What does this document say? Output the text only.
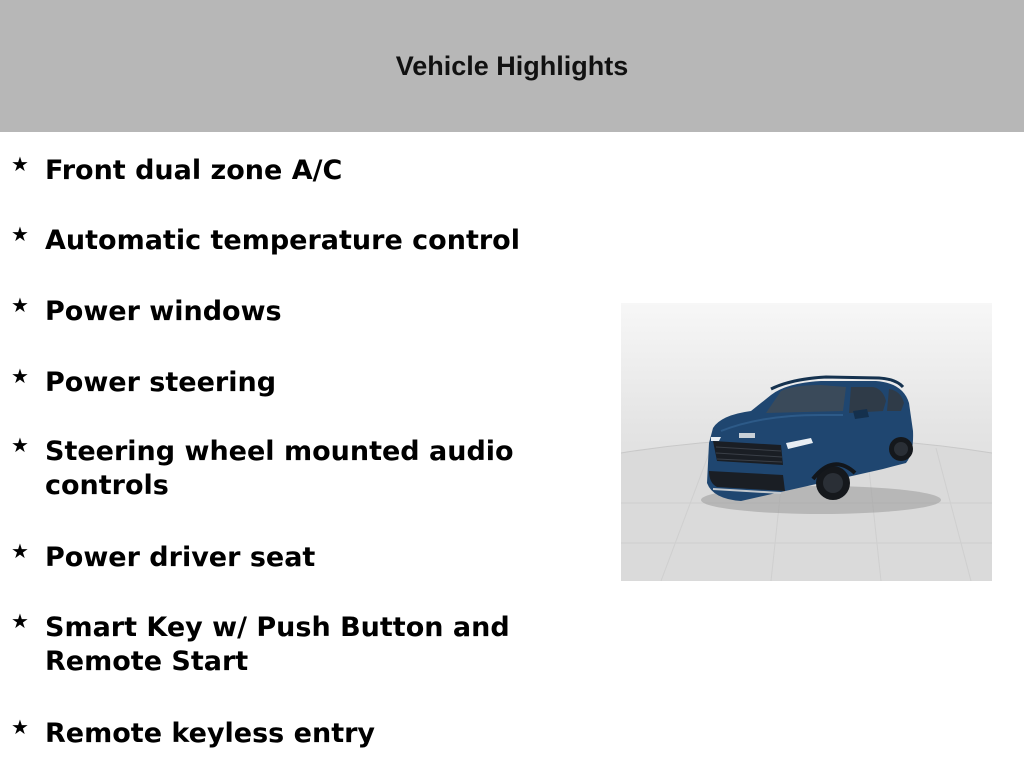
Vehicle Highlights
★ Front dual zone A/C
★ Automatic temperature control
★ Power windows
★ Power steering
★ Steering wheel mounted audio controls
★ Power driver seat
★ Smart Key w/ Push Button and Remote Start
★ Remote keyless entry
